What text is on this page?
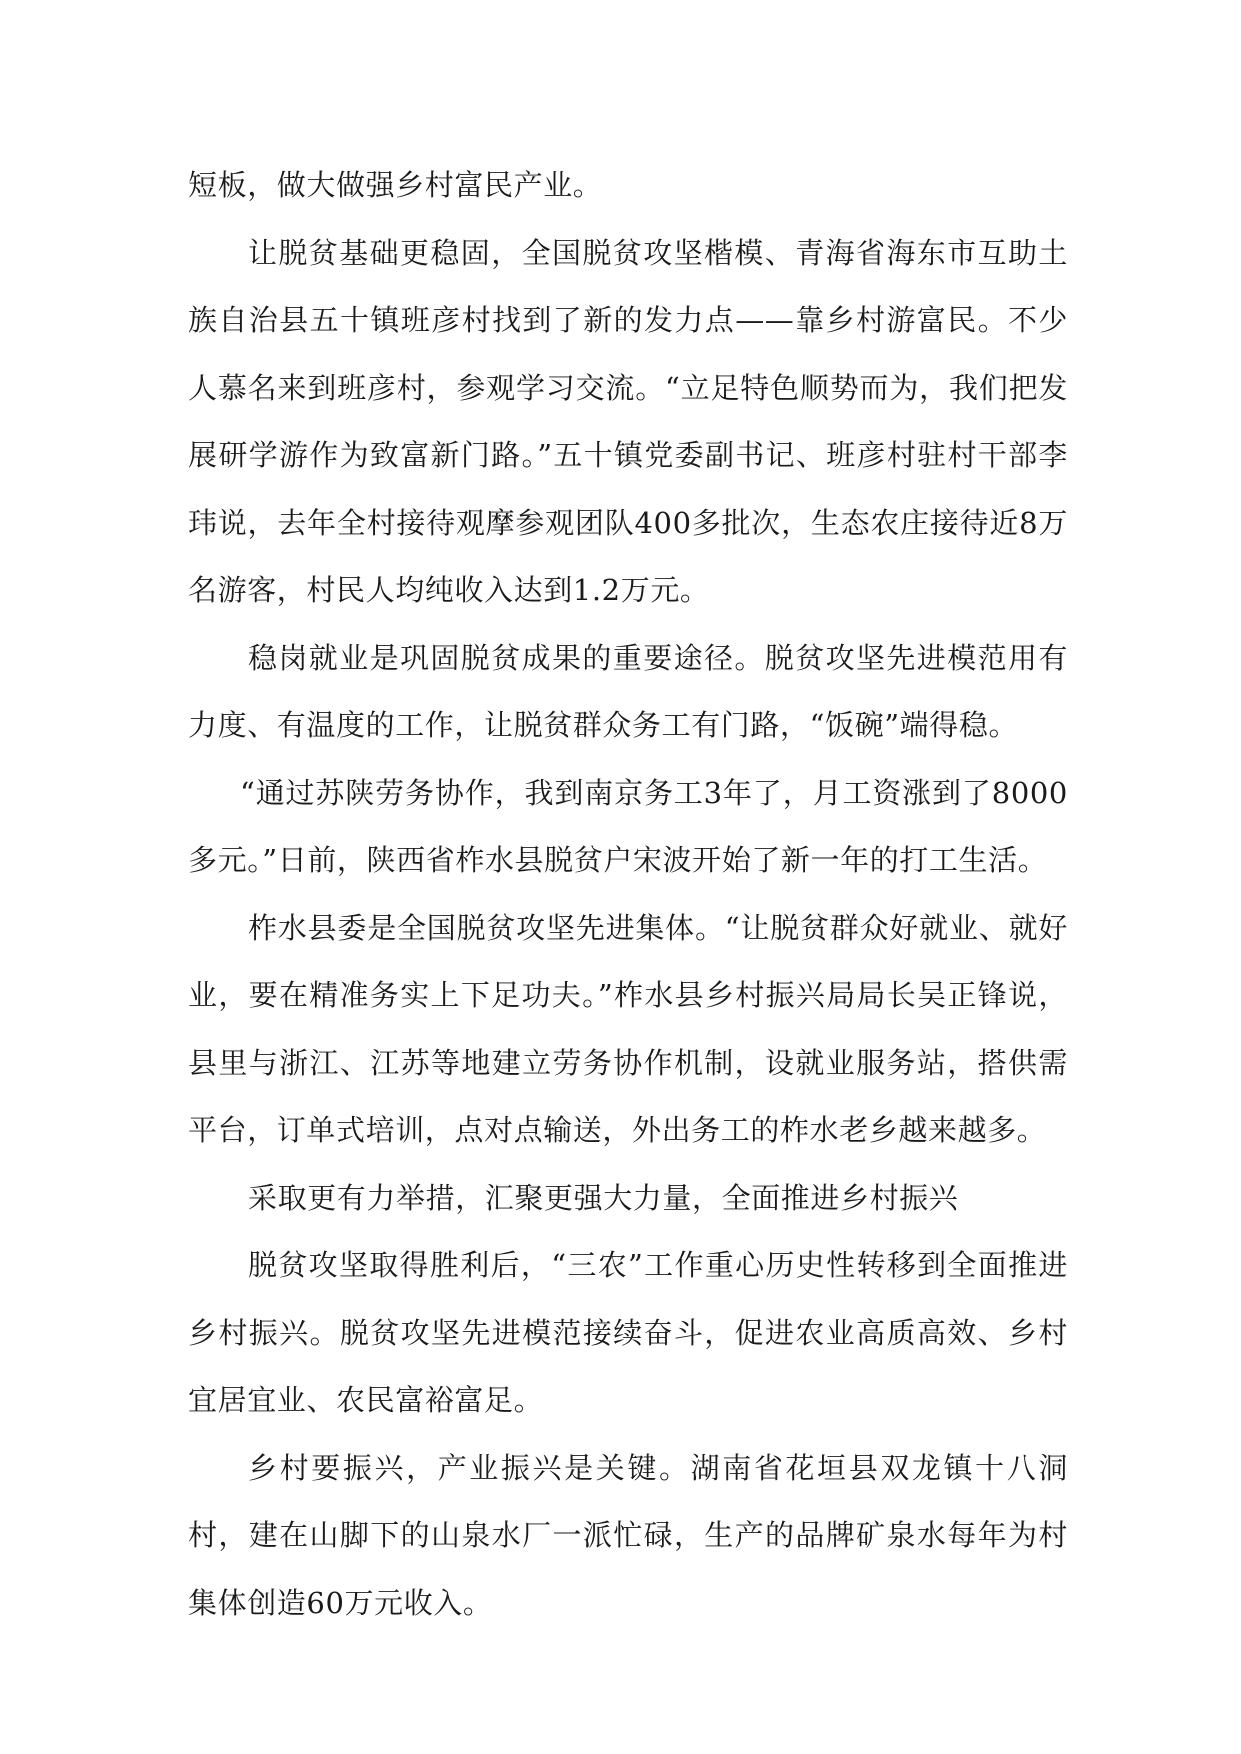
短板，做大做强乡村富民产业。

让脱贫基础更稳固，全国脱贫攻坚楷模、青海省海东市互助土族自治县五十镇班彦村找到了新的发力点——靠乡村游富民。不少人慕名来到班彦村，参观学习交流。“立足特色顺势而为，我们把发展研学游作为致富新门路。”五十镇党委副书记、班彦村驻村干部李玮说，去年全村接待观摩参观团队400多批次，生态农庄接待近8万名游客，村民人均纯收入达到1.2万元。

稳岗就业是巩固脱贫成果的重要途径。脱贫攻坚先进模范用有力度、有温度的工作，让脱贫群众务工有门路，“饭碗”端得稳。

“通过苏陕劳务协作，我到南京务工3年了，月工资涨到了8000多元。”日前，陕西省柞水县脱贫户宋波开始了新一年的打工生活。

柞水县委是全国脱贫攻坚先进集体。“让脱贫群众好就业、就好业，要在精准务实上下足功夫。”柞水县乡村振兴局局长吴正锋说，县里与浙江、江苏等地建立劳务协作机制，设就业服务站，搭供需平台，订单式培训，点对点输送，外出务工的柞水老乡越来越多。

采取更有力举措，汇聚更强大力量，全面推进乡村振兴

脱贫攻坚取得胜利后，“三农”工作重心历史性转移到全面推进乡村振兴。脱贫攻坚先进模范接续奋斗，促进农业高质高效、乡村宜居宜业、农民富裕富足。

乡村要振兴，产业振兴是关键。湖南省花垣县双龙镇十八洞村，建在山脚下的山泉水厂一派忙碌，生产的品牌矿泉水每年为村集体创造60万元收入。
